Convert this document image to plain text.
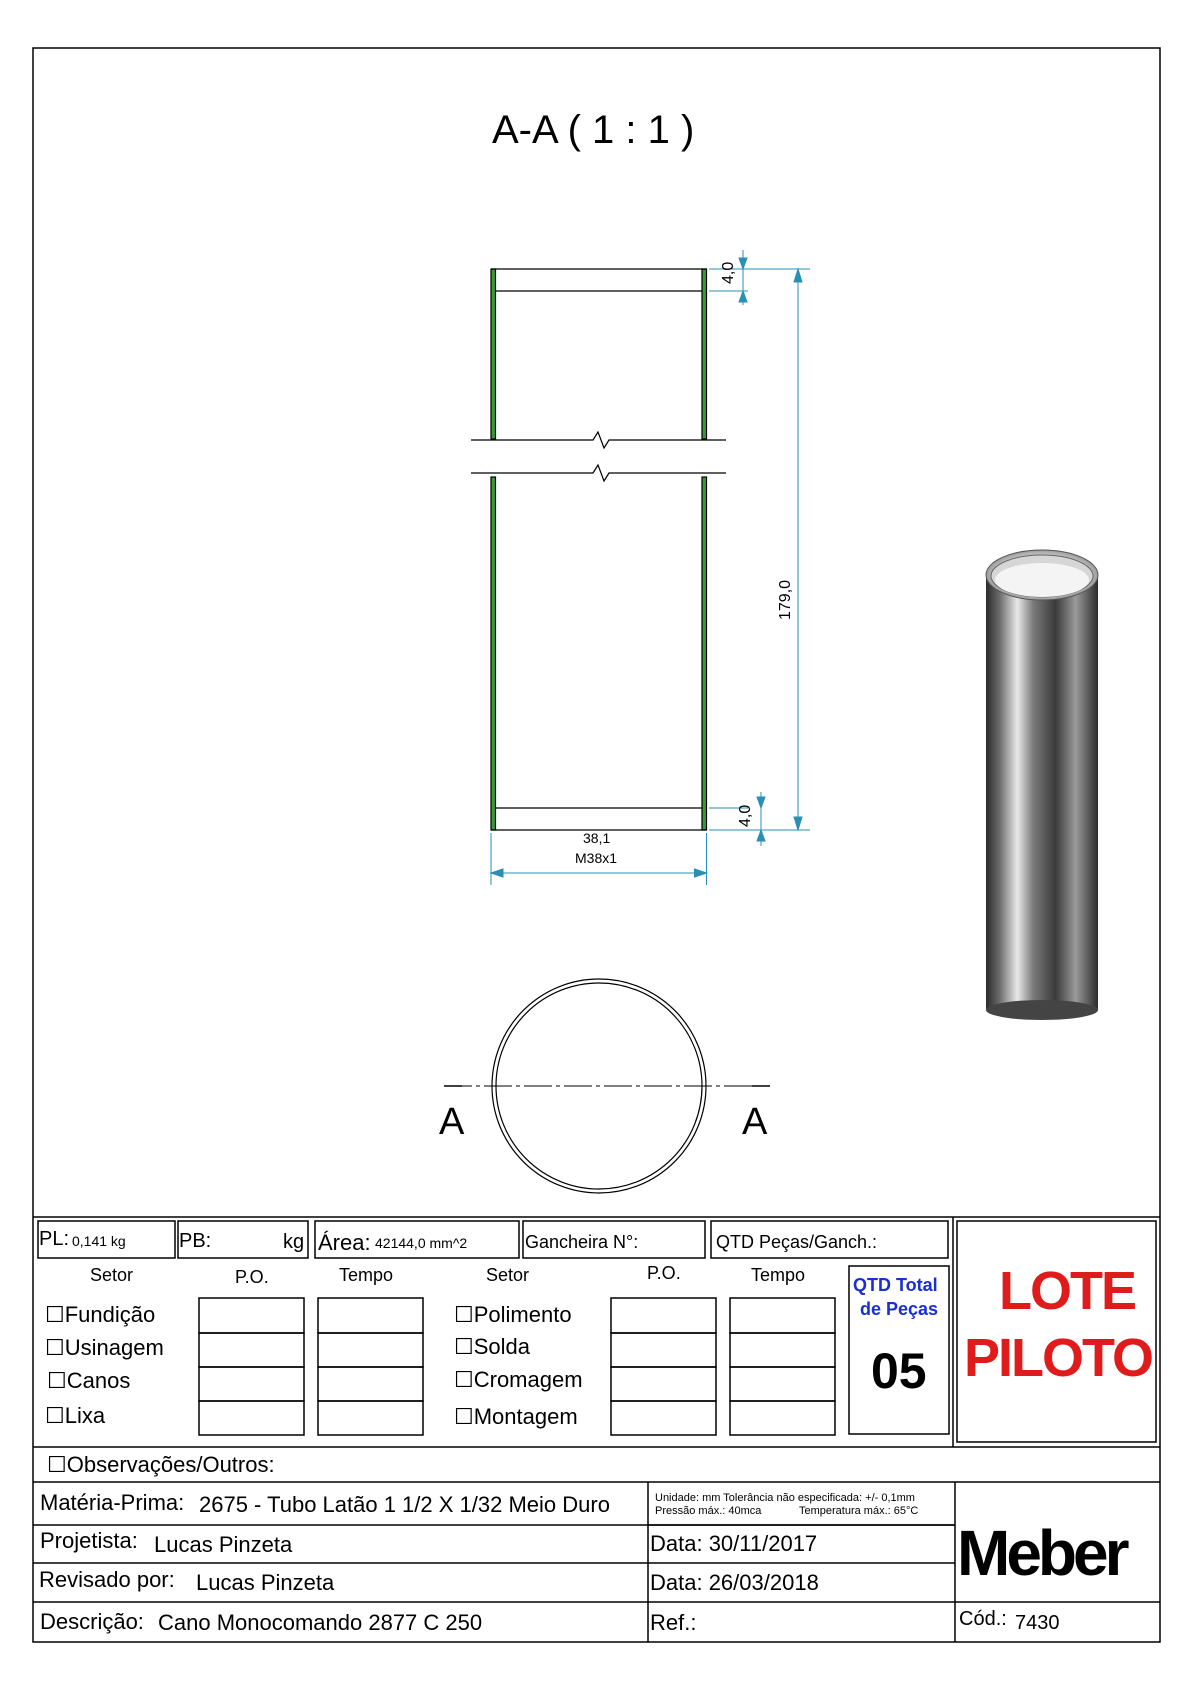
A-A ( 1 : 1 )
4,0
179,0
4,0
38,1
M38x1
A	A
PL: 0,141 kg	PB:	kg Área: 42144,0 mm^2	Gancheira N°:	QTD Peças/Ganch.:
Setor	P.O.	Tempo	Setor	P.O.	Tempo
☐ Fundição
☐ Usinagem
☐ Canos
☐ Lixa
☐ Polimento
☐ Solda
☐ Cromagem
☐ Montagem
QTD Total
de Peças
05
LOTE
PILOTO
☐ Observações/Outros:
Matéria-Prima: 2675 - Tubo Latão 1 1/2 X 1/32 Meio Duro	Unidade: mm Tolerância não especificada: +/- 0,1mm
Pressão máx.: 40mca	Temperatura máx.: 65°C
Projetista: Lucas Pinzeta	Data: 30/11/2017
Revisado por: Lucas Pinzeta	Data: 26/03/2018
Descrição: Cano Monocomando 2877 C 250	Ref.:	Cód.: 7430
Meber
